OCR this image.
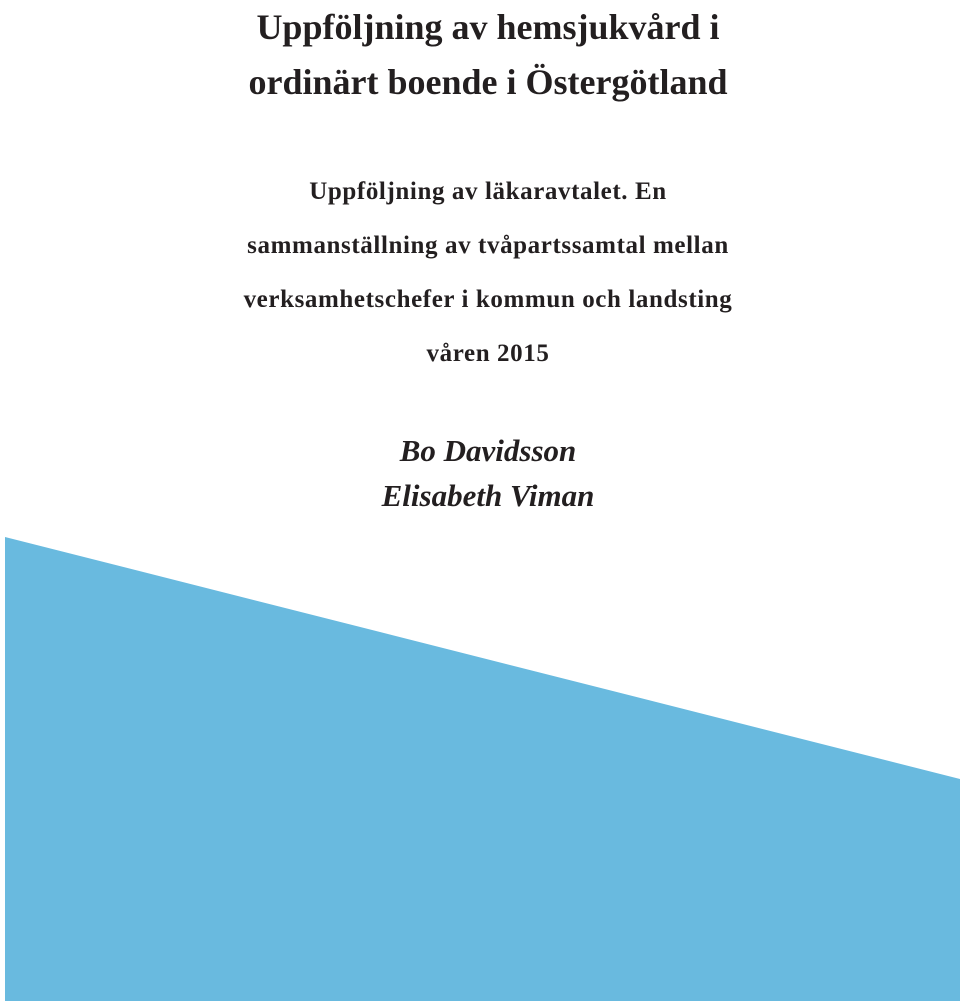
Uppföljning av hemsjukvård i
ordinärt boende i Östergötland
Uppföljning av läkaravtalet. En
sammanställning av tvåpartssamtal mellan
verksamhetschefer i kommun och landsting
våren 2015
Bo Davidsson
Elisabeth Viman
